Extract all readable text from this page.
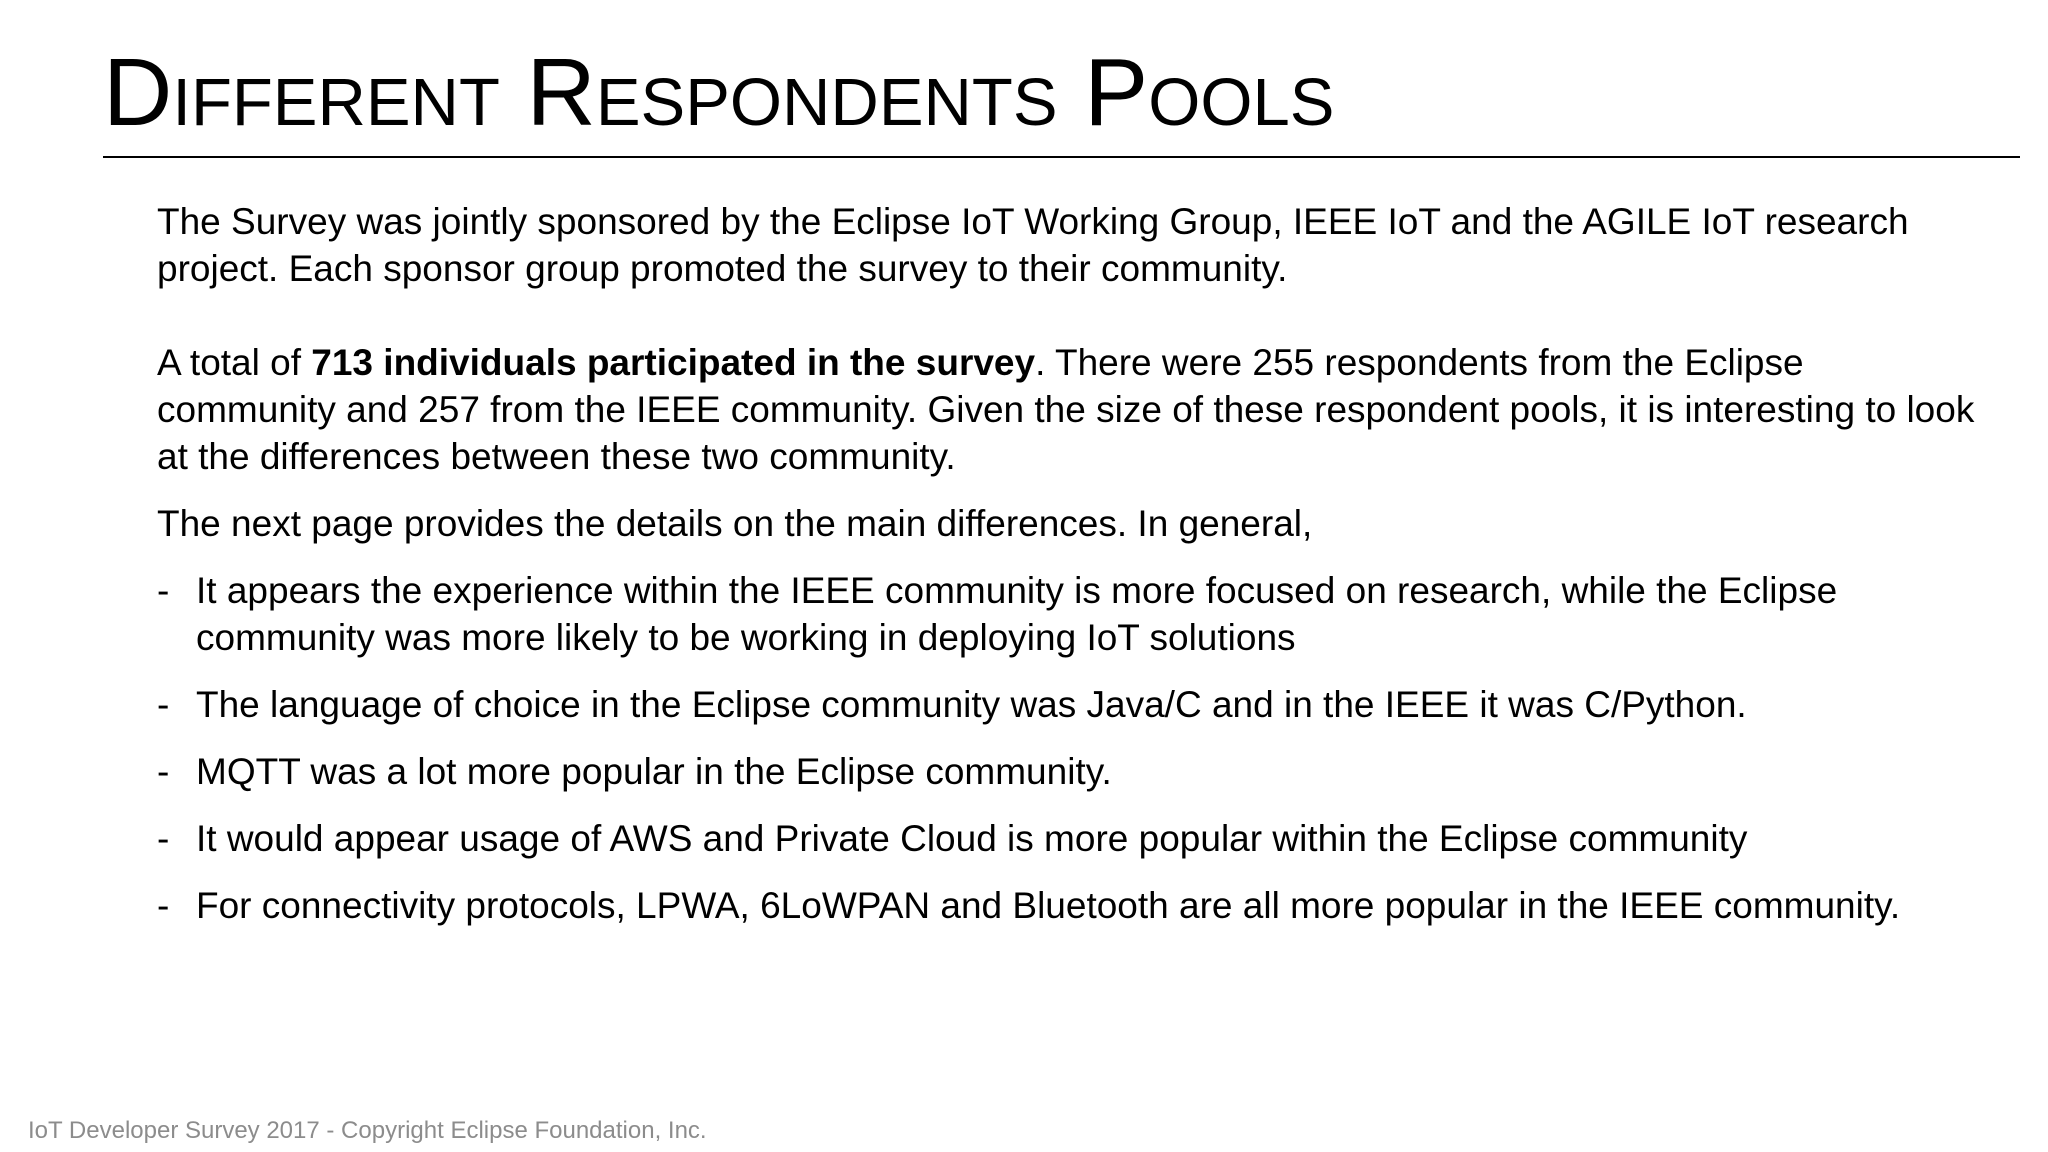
Different Respondents Pools

The Survey was jointly sponsored by the Eclipse IoT Working Group, IEEE IoT and the AGILE IoT research project. Each sponsor group promoted the survey to their community.

A total of 713 individuals participated in the survey. There were 255 respondents from the Eclipse community and 257 from the IEEE community. Given the size of these respondent pools, it is interesting to look at the differences between these two community.

The next page provides the details on the main differences. In general,

- It appears the experience within the IEEE community is more focused on research, while the Eclipse community was more likely to be working in deploying IoT solutions
- The language of choice in the Eclipse community was Java/C and in the IEEE it was C/Python.
- MQTT was a lot more popular in the Eclipse community.
- It would appear usage of AWS and Private Cloud is more popular within the Eclipse community
- For connectivity protocols, LPWA, 6LoWPAN and Bluetooth are all more popular in the IEEE community.
IoT Developer Survey 2017 - Copyright Eclipse Foundation, Inc.
